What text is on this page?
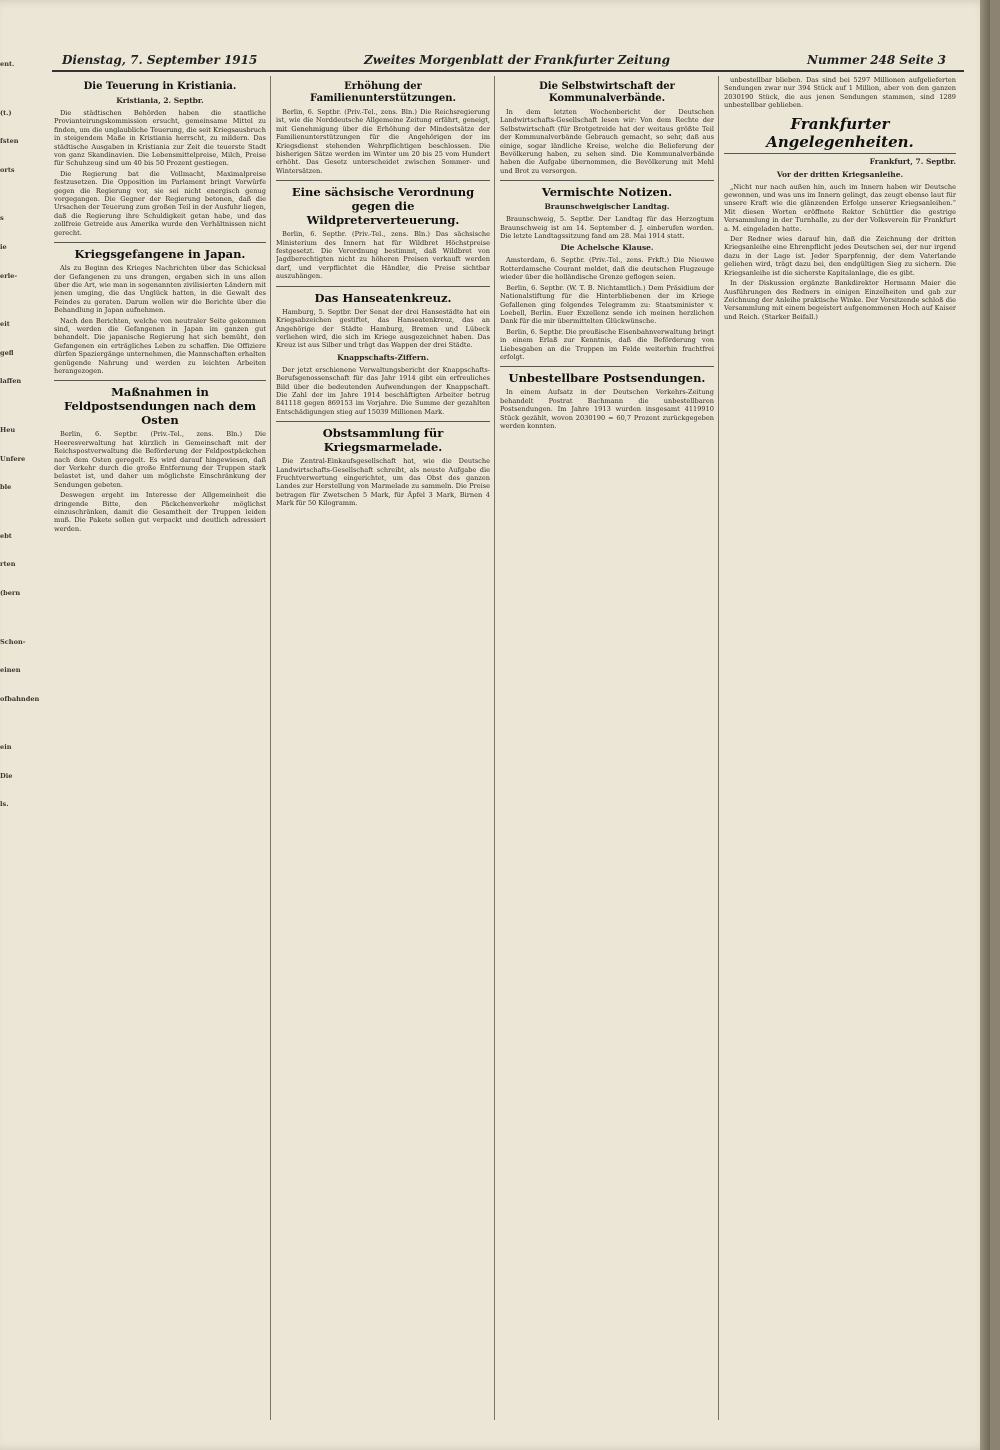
ent.
(t.)
fsten
orts
s
ie
erle-
eit
gefl
laffen
Heu
Unfere
ble
ebt
rten
(bern
Schon-
einen
ofbahnden
ein
Die
ls.
Dienstag, 7. September 1915	Zweites Morgenblatt der Frankfurter Zeitung	Nummer 248 Seite 3
Die Teuerung in Kristiania.
Kristiania, 2. Septbr.

Die städtischen Behörden haben die staatliche Provianteirungskommission ersucht, gemeinsame Mittel zu finden, um die unglaubliche Teuerung, die seit Kriegsausbruch in steigendem Maße in Kristiania herrscht, zu mildern. Das städtische Ausgaben in Kristiania zur Zeit die teuerste Stadt von ganz Skandinavien. Die Lebensmittelpreise, Milch, Preise für Schuhzeug sind um 40 bis 50 Prozent gestiegen.

Die Regierung bat die Vollmacht, Maximalpreise festzusetzen. Die Opposition im Parlament bringt Vorwürfe gegen die Regierung vor, sie sei nicht energisch genug vorgegangen. Die Gegner der Regierung betonen, daß die Ursachen der Teuerung zum großen Teil in der Ausfuhr liegen, daß die Regierung ihre Schuldigkeit getan habe, und das zollfreie Getreide aus Amerika wurde den Verhältnissen nicht gerecht.

Kriegsgefangene in Japan.

Als zu Beginn des Krieges Nachrichten über das Schicksal der Gefangenen zu uns drangen, ergaben sich in uns allen über die Art, wie man in sogenannten zivilisierten Ländern mit jenen umging, die das Unglück hatten, in die Gewalt des Feindes zu geraten. Darum wollen wir die Berichte über die Behandlung in Japan aufnehmen.

Nach den Berichten, welche von neutraler Seite gekommen sind, werden die Gefangenen in Japan im ganzen gut behandelt. Die japanische Regierung hat sich bemüht, den Gefangenen ein erträgliches Leben zu schaffen. Die Offiziere dürfen Spaziergänge unternehmen, die Mannschaften erhalten genügende Nahrung und werden zu leichten Arbeiten herangezogen.

Maßnahmen in Feldpostsendungen nach dem Osten

Berlin, 6. Septbr. (Priv.-Tel., zens. Bln.) Die Heeresverwaltung hat kürzlich in Gemeinschaft mit der Reichspostverwaltung die Beförderung der Feldpostpäckchen nach dem Osten geregelt. Es wird darauf hingewiesen, daß der Verkehr durch die große Entfernung der Truppen stark belastet ist, und daher um möglichste Einschränkung der Sendungen gebeten.

Deswegen ergeht im Interesse der Allgemeinheit die dringende Bitte, den Päckchenverkehr möglichst einzuschränken, damit die Gesamtheit der Truppen leiden muß. Die Pakete sollen gut verpackt und deutlich adressiert werden.

Erhöhung der Familienunterstützungen.

Berlin, 6. Septbr. (Priv.-Tel., zens. Bln.) Die Reichsregierung ist, wie die Norddeutsche Allgemeine Zeitung erfährt, geneigt, mit Genehmigung über die Erhöhung der Mindestsätze der Familienunterstützungen für die Angehörigen der im Kriegsdienst stehenden Wehrpflichtigen beschlossen. Die bisherigen Sätze werden im Winter um 20 bis 25 vom Hundert erhöht. Das Gesetz unterscheidet zwischen Sommer- und Wintersätzen.

Eine sächsische Verordnung gegen die Wildpreterverteuerung.

Berlin, 6. Septbr. (Priv.-Tel., zens. Bln.) Das sächsische Ministerium des Innern hat für Wildbret Höchstpreise festgesetzt. Die Verordnung bestimmt, daß Wildbret von Jagdberechtigten nicht zu höheren Preisen verkauft werden darf, und verpflichtet die Händler, die Preise sichtbar auszuhängen.

Das Hanseatenkreuz.

Hamburg, 5. Septbr. Der Senat der drei Hansestädte hat ein Kriegsabzeichen gestiftet, das Hanseatenkreuz, das an Angehörige der Städte Hamburg, Bremen und Lübeck verliehen wird, die sich im Kriege ausgezeichnet haben. Das Kreuz ist aus Silber und trägt das Wappen der drei Städte.

Knappschafts-Ziffern.

Der jetzt erschienene Verwaltungsbericht der Knappschafts-Berufsgenossenschaft für das Jahr 1914 gibt ein erfreuliches Bild über die bedeutenden Aufwendungen der Knappschaft. Die Zahl der im Jahre 1914 beschäftigten Arbeiter betrug 841118 gegen 869153 im Vorjahre. Die Summe der gezahlten Entschädigungen stieg auf 15039 Millionen Mark.

Obstsammlung für Kriegsmarmelade.

Die Zentral-Einkaufsgesellschaft hat, wie die Deutsche Landwirtschafts-Gesellschaft schreibt, als neuste Aufgabe die Fruchtverwertung eingerichtet, um das Obst des ganzen Landes zur Herstellung von Marmelade zu sammeln. Die Preise betragen für Zwetschen 5 Mark, für Äpfel 3 Mark, Birnen 4 Mark für 50 Kilogramm.

Die Selbstwirtschaft der Kommunalverbände.

In dem letzten Wochenbericht der Deutschen Landwirtschafts-Gesellschaft lesen wir: Von dem Rechte der Selbstwirtschaft (für Brotgetreide hat der weitaus größte Teil der Kommunalverbände Gebrauch gemacht, so sehr, daß aus einige, sogar ländliche Kreise, welche die Belieferung der Bevölkerung haben, zu sehen sind. Die Kommunalverbände haben die Aufgabe übernommen, die Bevölkerung mit Mehl und Brot zu versorgen.

Vermischte Notizen.
Braunschweigischer Landtag.

Braunschweig, 5. Septbr. Der Landtag für das Herzogtum Braunschweig ist am 14. September d. J. einberufen worden. Die letzte Landtagssitzung fand am 28. Mai 1914 statt.

Die Achelsche Klause.

Amsterdam, 6. Septbr. (Priv.-Tel., zens. Frkft.) Die Nieuwe Rotterdamsche Courant meldet, daß die deutschen Flugzeuge wieder über die holländische Grenze geflogen seien.

Berlin, 6. Septbr. (W. T. B. Nichtamtlich.) Dem Präsidium der Nationalstiftung für die Hinterbliebenen der im Kriege Gefallenen ging folgendes Telegramm zu: Staatsminister v. Loebell, Berlin. Euer Exzellenz sende ich meinen herzlichen Dank für die mir übermittelten Glückwünsche.

Berlin, 6. Septbr. Die preußische Eisenbahnverwaltung bringt in einem Erlaß zur Kenntnis, daß die Beförderung von Liebesgaben an die Truppen im Felde weiterhin frachtfrei erfolgt.

Unbestellbare Postsendungen.

In einem Aufsatz in der Deutschen Verkehrs-Zeitung behandelt Postrat Bachmann die unbestellbaren Postsendungen. Im Jahre 1913 wurden insgesamt 4119910 Stück gezählt, wovon 2030190 = 60,7 Prozent zurückgegeben werden konnten.

unbestellbar blieben. Das sind bei 5297 Millionen aufgelieferten Sendungen zwar nur 394 Stück auf 1 Million, aber von den ganzen 2030190 Stück, die aus jenen Sendungen stammen, sind 1289 unbestellbar geblieben.

Frankfurter Angelegenheiten.
Frankfurt, 7. Septbr.
Vor der dritten Kriegsanleihe.

„Nicht nur nach außen hin, auch im Innern haben wir Deutsche gewonnen, und was uns im Innern gelingt, das zeugt ebenso laut für unsere Kraft wie die glänzenden Erfolge unserer Kriegsanleihen.“ Mit diesen Worten eröffnete Rektor Schüttler die gestrige Versammlung in der Turnhalle, zu der der Volksverein für Frankfurt a. M. eingeladen hatte.

Der Redner wies darauf hin, daß die Zeichnung der dritten Kriegsanleihe eine Ehrenpflicht jedes Deutschen sei, der nur irgend dazu in der Lage ist. Jeder Sparpfennig, der dem Vaterlande geliehen wird, trägt dazu bei, den endgültigen Sieg zu sichern. Die Kriegsanleihe ist die sicherste Kapitalanlage, die es gibt.

In der Diskussion ergänzte Bankdirektor Hermann Maier die Ausführungen des Redners in einigen Einzelheiten und gab zur Zeichnung der Anleihe praktische Winke. Der Vorsitzende schloß die Versammlung mit einem begeistert aufgenommenen Hoch auf Kaiser und Reich. (Starker Beifall.)
